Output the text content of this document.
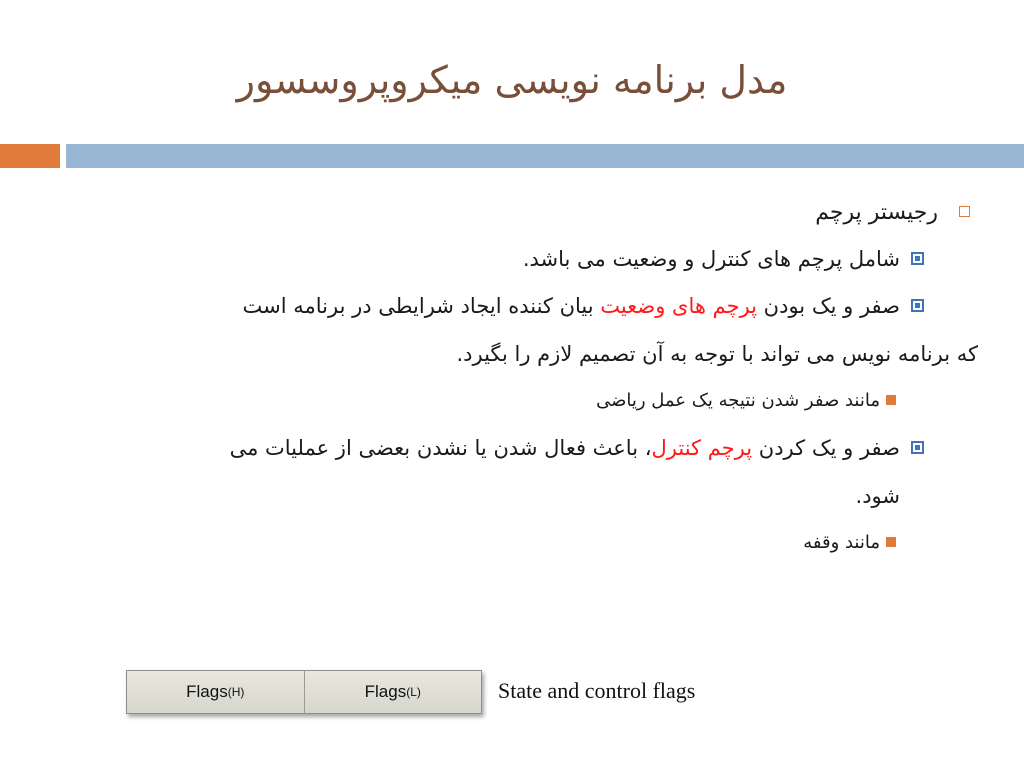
مدل برنامه نویسی میکروپروسسور
رجیستر پرچم
شامل پرچم های کنترل و وضعیت می باشد.
صفر و یک بودن پرچم های وضعیت بیان کننده ایجاد شرایطی در برنامه است
که برنامه نویس می تواند با توجه به آن تصمیم لازم را بگیرد.
مانند صفر شدن نتیجه یک عمل ریاضی
صفر و یک کردن پرچم کنترل، باعث فعال شدن یا نشدن بعضی از عملیات می
شود.
مانند وقفه
Flags (H)	Flags (L)	State and control flags
